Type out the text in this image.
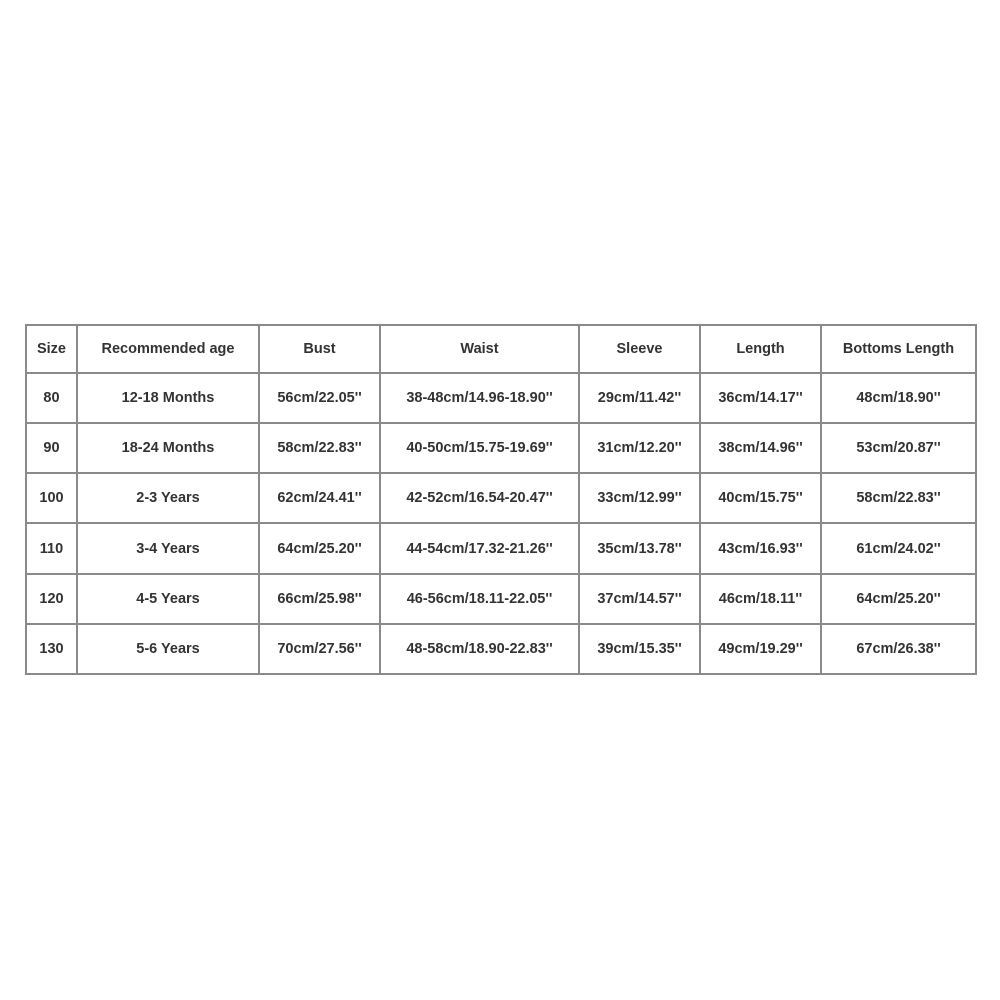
Size	Recommended age	Bust	Waist	Sleeve	Length	Bottoms Length
80	12-18 Months	56cm/22.05''	38-48cm/14.96-18.90''	29cm/11.42''	36cm/14.17''	48cm/18.90''
90	18-24 Months	58cm/22.83''	40-50cm/15.75-19.69''	31cm/12.20''	38cm/14.96''	53cm/20.87''
100	2-3 Years	62cm/24.41''	42-52cm/16.54-20.47''	33cm/12.99''	40cm/15.75''	58cm/22.83''
110	3-4 Years	64cm/25.20''	44-54cm/17.32-21.26''	35cm/13.78''	43cm/16.93''	61cm/24.02''
120	4-5 Years	66cm/25.98''	46-56cm/18.11-22.05''	37cm/14.57''	46cm/18.11''	64cm/25.20''
130	5-6 Years	70cm/27.56''	48-58cm/18.90-22.83''	39cm/15.35''	49cm/19.29''	67cm/26.38''
